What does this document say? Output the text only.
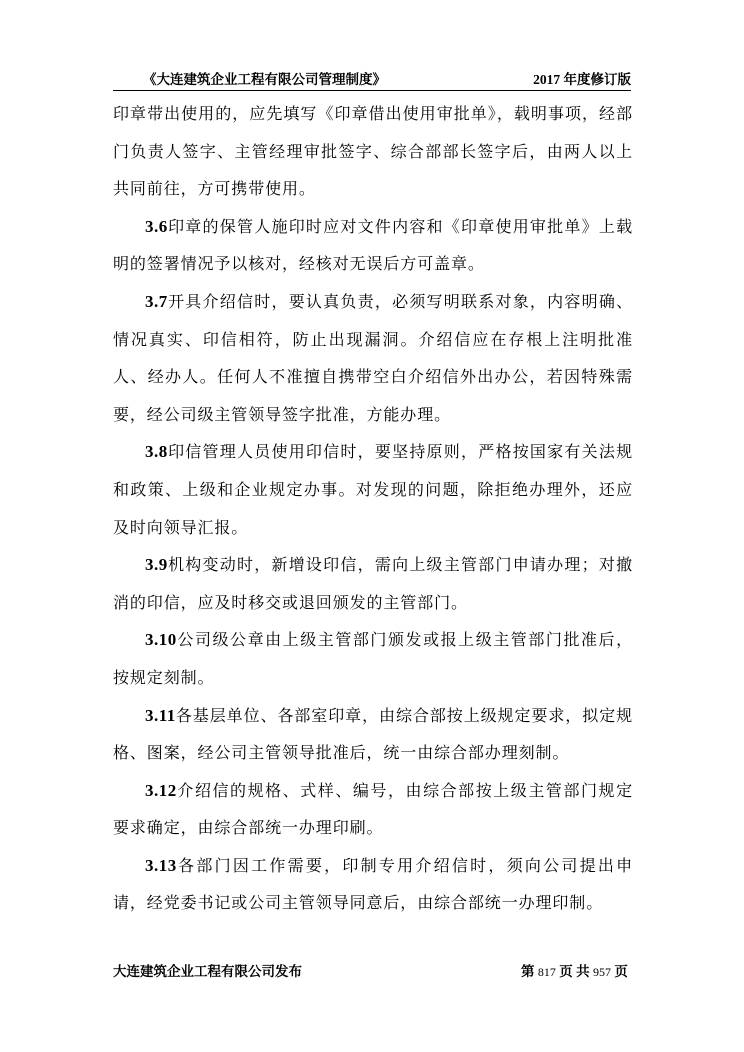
《大连建筑企业工程有限公司管理制度》	2017 年度修订版

印章带出使用的，应先填写《印章借出使用审批单》，载明事项，经部门负责人签字、主管经理审批签字、综合部部长签字后，由两人以上共同前往，方可携带使用。

3.6印章的保管人施印时应对文件内容和《印章使用审批单》上载明的签署情况予以核对，经核对无误后方可盖章。

3.7开具介绍信时，要认真负责，必须写明联系对象，内容明确、情况真实、印信相符，防止出现漏洞。介绍信应在存根上注明批准人、经办人。任何人不准擅自携带空白介绍信外出办公，若因特殊需要，经公司级主管领导签字批准，方能办理。

3.8印信管理人员使用印信时，要坚持原则，严格按国家有关法规和政策、上级和企业规定办事。对发现的问题，除拒绝办理外，还应及时向领导汇报。

3.9机构变动时，新增设印信，需向上级主管部门申请办理；对撤消的印信，应及时移交或退回颁发的主管部门。

3.10公司级公章由上级主管部门颁发或报上级主管部门批准后，按规定刻制。

3.11各基层单位、各部室印章，由综合部按上级规定要求，拟定规格、图案，经公司主管领导批准后，统一由综合部办理刻制。

3.12介绍信的规格、式样、编号，由综合部按上级主管部门规定要求确定，由综合部统一办理印刷。

3.13各部门因工作需要，印制专用介绍信时，须向公司提出申请，经党委书记或公司主管领导同意后，由综合部统一办理印制。

大连建筑企业工程有限公司发布	第 817 页 共 957 页
